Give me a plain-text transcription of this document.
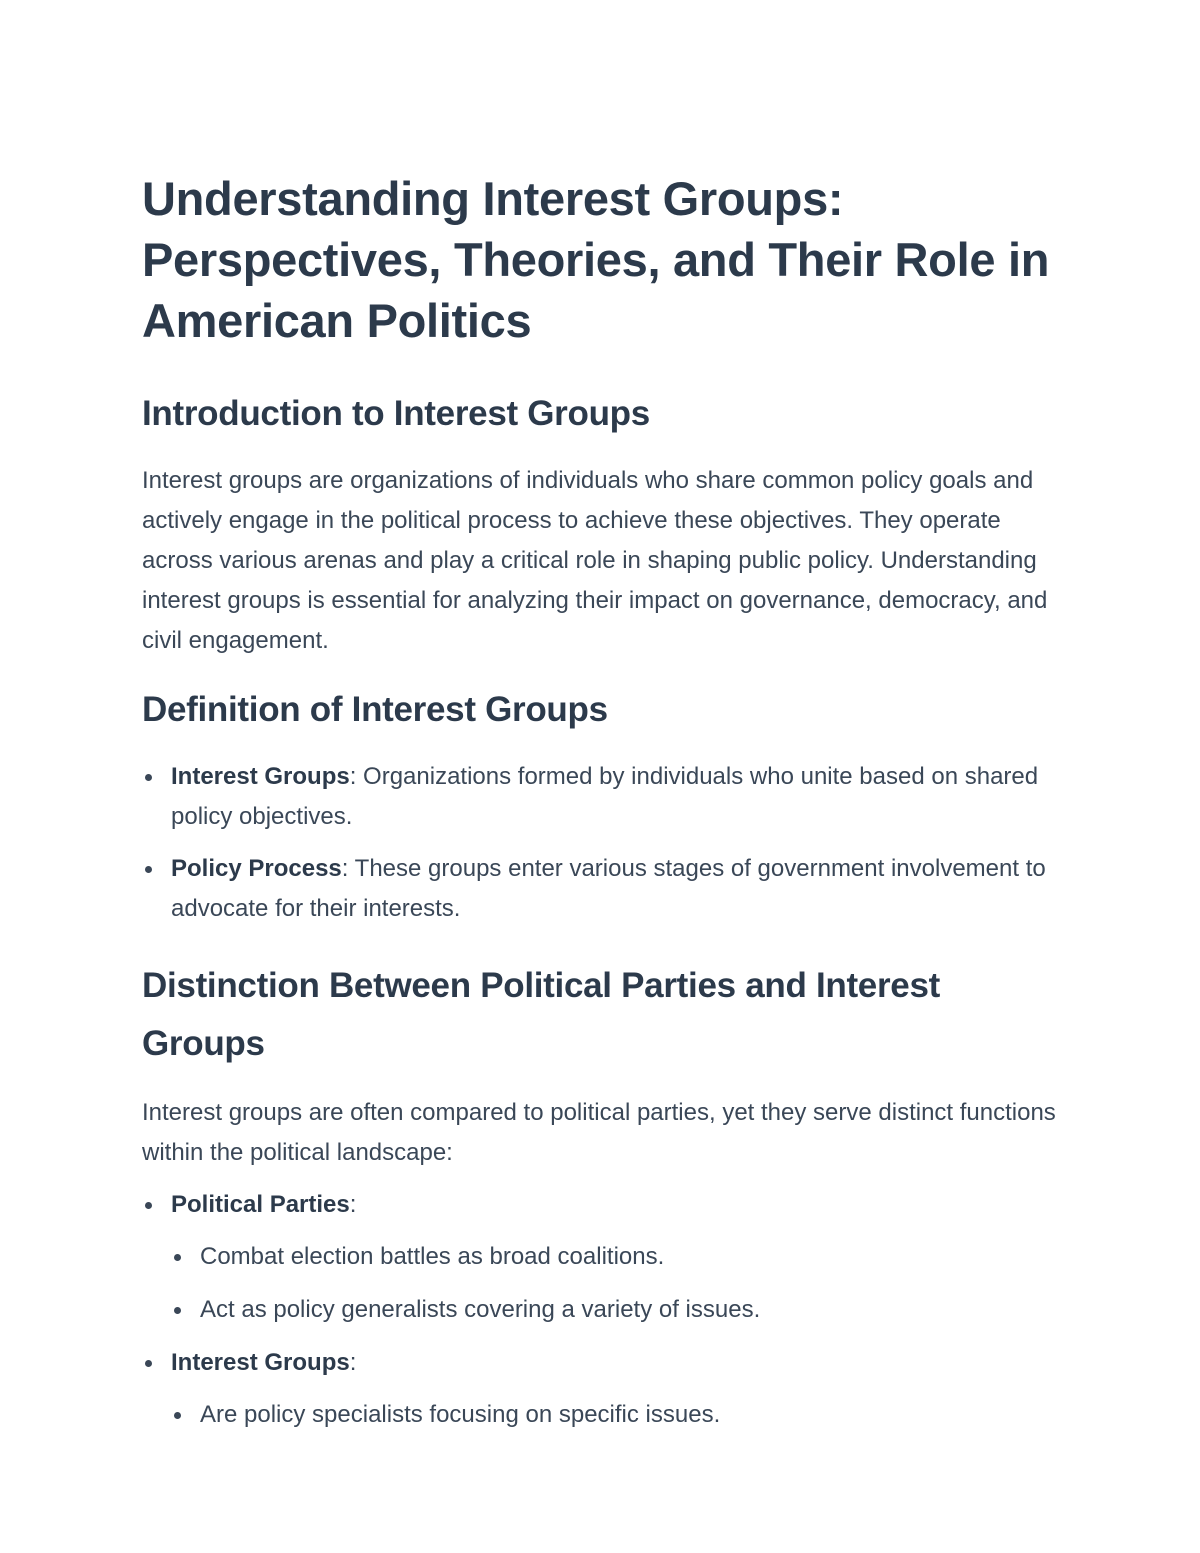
Understanding Interest Groups: Perspectives, Theories, and Their Role in American Politics
Introduction to Interest Groups

Interest groups are organizations of individuals who share common policy goals and actively engage in the political process to achieve these objectives. They operate across various arenas and play a critical role in shaping public policy. Understanding interest groups is essential for analyzing their impact on governance, democracy, and civil engagement.

Definition of Interest Groups
Interest Groups: Organizations formed by individuals who unite based on shared policy objectives.
Policy Process: These groups enter various stages of government involvement to advocate for their interests.
Distinction Between Political Parties and Interest Groups

Interest groups are often compared to political parties, yet they serve distinct functions within the political landscape:

Political Parties:
Combat election battles as broad coalitions.
Act as policy generalists covering a variety of issues.
Interest Groups:
Are policy specialists focusing on specific issues.
